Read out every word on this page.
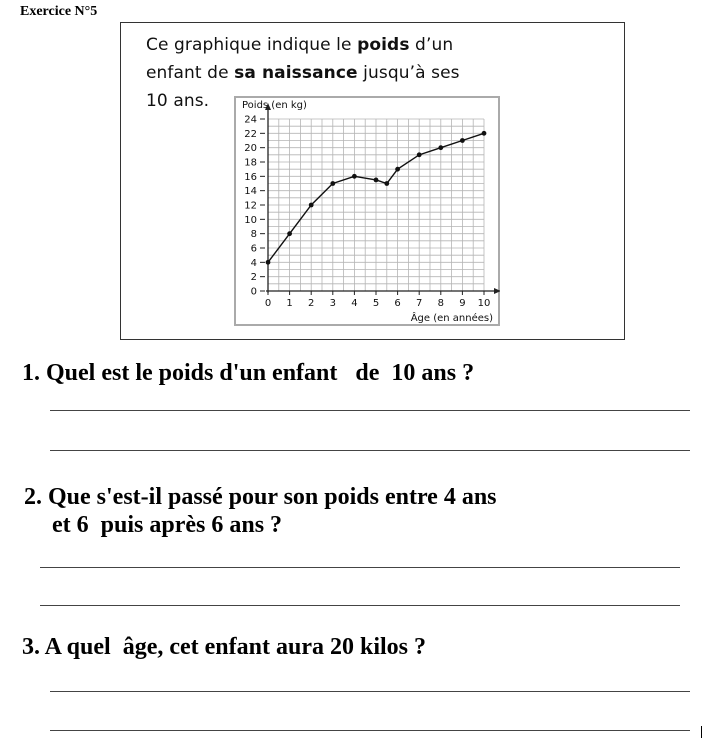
Exercice N°5
Ce graphique indique le poids d’un
enfant de sa naissance jusqu’à ses
10 ans.
0
2
4
6
8
10
12
14
16
18
20
22
24
0 1 2 3 4 5 6 7 8 9 10
Poids (en kg)
Âge (en années)
1. Quel est le poids d'un enfant   de  10 ans ?
2. Que s'est-il passé pour son poids entre 4 ans
et 6  puis après 6 ans ?
3. A quel  âge, cet enfant aura 20 kilos ?
